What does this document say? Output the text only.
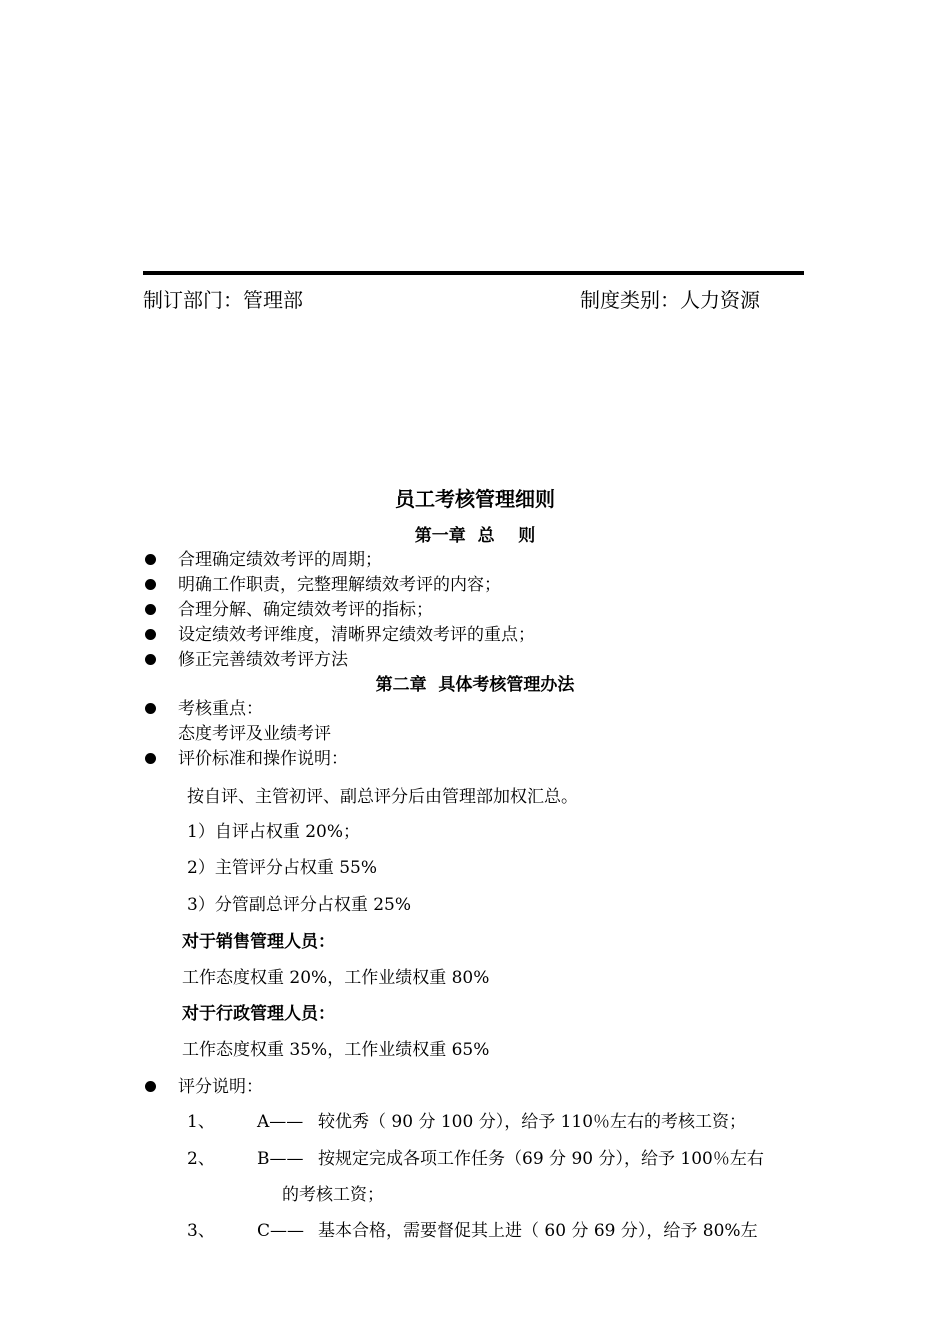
制订部门：管理部	制度类别：人力资源
员工考核管理细则
第一章  总    则
合理确定绩效考评的周期；
明确工作职责，完整理解绩效考评的内容；
合理分解、确定绩效考评的指标；
设定绩效考评维度，清晰界定绩效考评的重点；
修正完善绩效考评方法
第二章  具体考核管理办法
考核重点：
态度考评及业绩考评
评价标准和操作说明：
按自评、主管初评、副总评分后由管理部加权汇总。
1）自评占权重 20%；
2）主管评分占权重 55%
3）分管副总评分占权重 25%
对于销售管理人员：
工作态度权重 20%，工作业绩权重 80%
对于行政管理人员：
工作态度权重 35%，工作业绩权重 65%
评分说明：
1、 A—— 较优秀（ 90 分 100 分），给予 110％左右的考核工资；
2、 B—— 按规定完成各项工作任务（69 分 90 分），给予 100％左右
的考核工资；
3、 C—— 基本合格，需要督促其上进（ 60 分 69 分），给予 80%左
